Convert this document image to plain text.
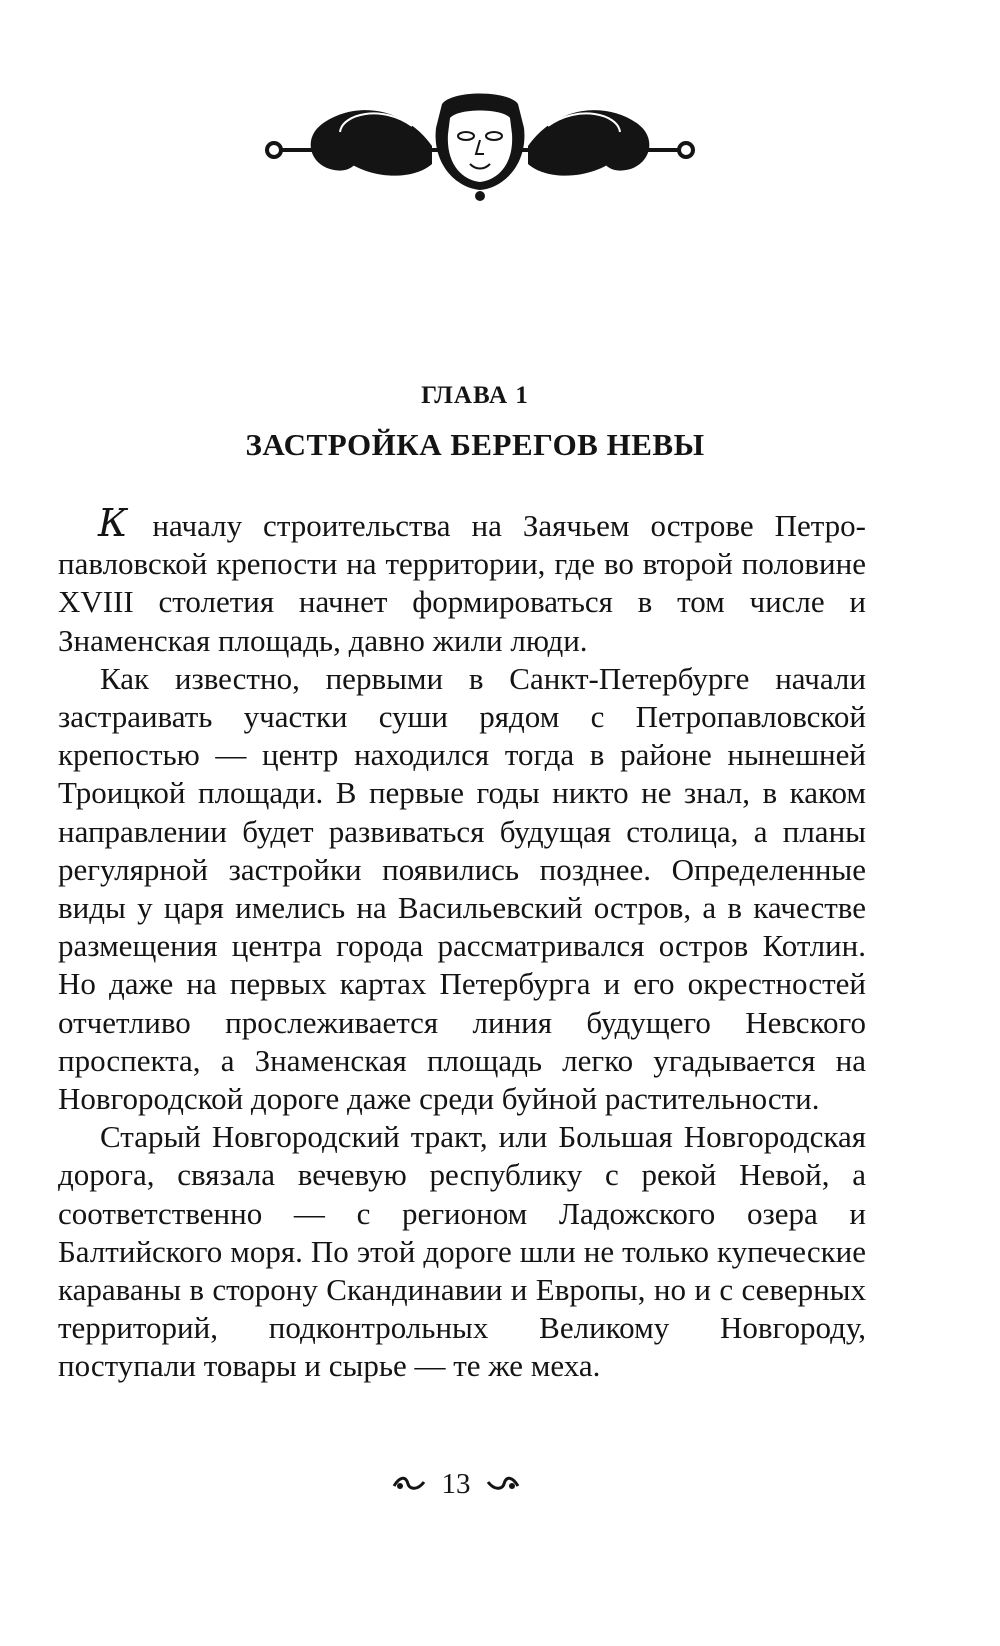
ГЛАВА 1
ЗАСТРОЙКА БЕРЕГОВ НЕВЫ

К началу строительства на Заячьем острове Петропавловской крепости на территории, где во второй половине XVIII столетия начнет формироваться в том числе и Знаменская площадь, давно жили люди.

Как известно, первыми в Санкт-Петербурге начали застраивать участки суши рядом с Петропавловской крепостью — центр находился тогда в районе нынешней Троицкой площади. В первые годы никто не знал, в каком направлении будет развиваться будущая столица, а планы регулярной застройки появились позднее. Определенные виды у царя имелись на Васильевский остров, а в качестве размещения центра города рассматривался остров Котлин. Но даже на первых картах Петербурга и его окрестностей отчетливо прослеживается линия будущего Невского проспекта, а Знаменская площадь легко угадывается на Новгородской дороге даже среди буйной растительности.

Старый Новгородский тракт, или Большая Новгородская дорога, связала вечевую республику с рекой Невой, а соответственно — с регионом Ладожского озера и Балтийского моря. По этой дороге шли не только купеческие караваны в сторону Скандинавии и Европы, но и с северных территорий, подконтрольных Великому Новгороду, поступали товары и сырье — те же меха.

13
